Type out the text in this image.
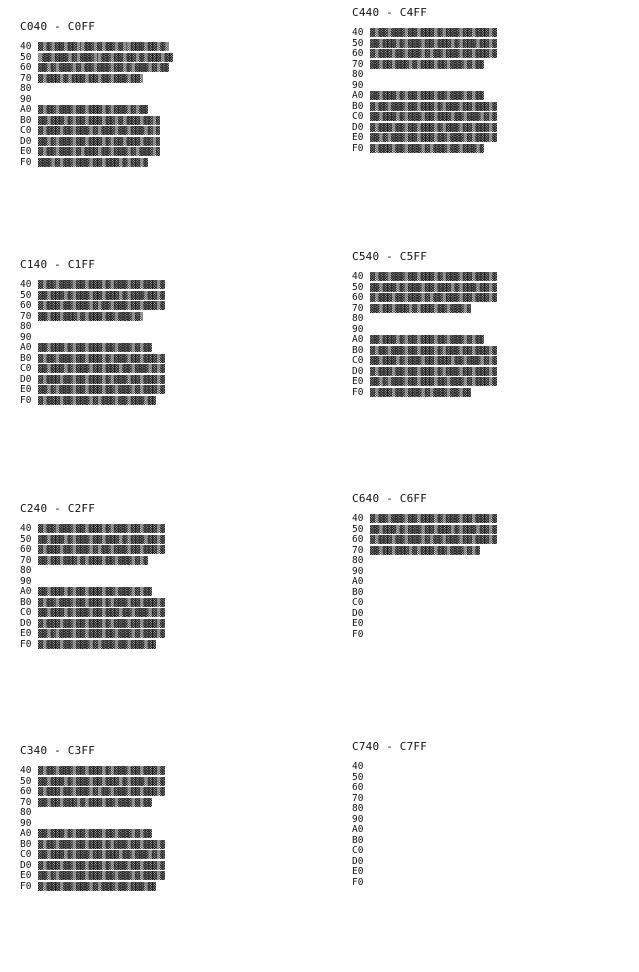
C040 - C0FF
40 ▓▒▓▒▓▓▒▓▓▒▒▓▓▒▓▒▓▓▒▓▒▒▓▓▓▒▓▓▒▓▒
50 ▒▓▓▒▓▓▓▒▓▒▓▓▓▒▒▓▓▒▓▓▒▓▓▒▓▒▓▓▓▒▓▓
60 ▓▓▒▓▒▓▓▓▒▓▒▓▓▒▓▓▓▒▓▓▒▓▒▓▓▓▒▓▒▓▓
70 ▓▒▓▓▓▒▓▒▓▓▓▒▓▓▒▓▓▒▓▓▓▒▓▓▒
80
90
A0 ▓▒▓▓▒▓▓▓▒▓▓▒▓▓▓▒▓▒▓▓▓▒▓▒▓▓
B0 ▓▓▒▓▓▓▒▓▒▓▓▒▓▓▓▒▓▓▒▓▒▓▓▓▒▓▓▒▓
C0 ▓▒▓▓▓▒▓▓▒▓▓▓▒▓▒▓▓▓▒▓▓▒▓▓▓▒▓▒▓
D0 ▓▓▒▓▒▓▓▓▒▓▓▒▓▓▓▒▓▒▓▓▒▓▓▓▒▓▓▒▓
E0 ▓▒▓▓▒▓▓▓▒▓▒▓▓▓▒▓▓▒▓▓▓▒▓▒▓▓▓▒▓
F0 ▓▓▓▒▓▒▓▓▒▓▓▓▒▓▓▒▓▓▓▒▓▒▓▓▒▓
C140 - C1FF
40 ▓▒▓▓▒▓▓▓▒▓▓▒▓▓▓▒▓▒▓▓▓▒▓▓▒▓▓▓▒▓
50 ▓▓▒▓▓▓▒▓▒▓▓▓▒▓▓▒▓▓▓▒▓▒▓▓▓▒▓▓▒▓
60 ▓▒▓▓▓▒▓▓▒▓▓▓▒▓▒▓▓▒▓▓▓▒▓▓▒▓▓▓▒▓
70 ▓▓▒▓▓▒▓▓▓▒▓▒▓▓▓▒▓▓▒▓▓▓▒▓▒
80
90
A0 ▓▓▒▓▓▓▒▓▒▓▓▒▓▓▓▒▓▓▒▓▓▓▒▓▒▓▓
B0 ▓▒▓▓▒▓▓▓▒▓▓▒▓▓▓▒▓▒▓▓▓▒▓▓▒▓▓▓▒▓
C0 ▓▓▒▓▓▓▒▓▒▓▓▓▒▓▓▒▓▓▓▒▓▓▒▓▓▓▒▓▒▓
D0 ▓▒▓▓▓▒▓▓▒▓▓▒▓▓▓▒▓▒▓▓▓▒▓▓▒▓▓▓▒▓
E0 ▓▓▒▓▒▓▓▓▒▓▓▒▓▓▓▒▓▓▒▓▓▓▒▓▒▓▓▓▒▓
F0 ▓▒▓▓▓▒▓▓▒▓▓▓▒▓▒▓▓▓▒▓▓▒▓▓▓▒▓▓
C240 - C2FF
40 ▓▒▓▓▒▓▓▓▒▓▓▒▓▓▓▒▓▒▓▓▓▒▓▓▒▓▓▓▒▓
50 ▓▓▒▓▓▓▒▓▒▓▓▓▒▓▓▒▓▓▓▒▓▒▓▓▓▒▓▓▒▓
60 ▓▒▓▓▓▒▓▓▒▓▓▓▒▓▒▓▓▒▓▓▓▒▓▓▒▓▓▓▒▓
70 ▓▓▒▓▓▒▓▓▓▒▓▒▓▓▓▒▓▓▒▓▓▓▒▓▒▓
80
90
A0 ▓▓▒▓▓▓▒▓▒▓▓▒▓▓▓▒▓▓▒▓▓▓▒▓▒▓▓
B0 ▓▒▓▓▒▓▓▓▒▓▓▒▓▓▓▒▓▒▓▓▓▒▓▓▒▓▓▓▒▓
C0 ▓▓▒▓▓▓▒▓▒▓▓▓▒▓▓▒▓▓▓▒▓▓▒▓▓▓▒▓▒▓
D0 ▓▒▓▓▓▒▓▓▒▓▓▒▓▓▓▒▓▒▓▓▓▒▓▓▒▓▓▓▒▓
E0 ▓▓▒▓▒▓▓▓▒▓▓▒▓▓▓▒▓▓▒▓▓▓▒▓▒▓▓▓▒▓
F0 ▓▒▓▓▓▒▓▓▒▓▓▓▒▓▒▓▓▓▒▓▓▒▓▓▓▒▓▓
C340 - C3FF
40 ▓▒▓▓▒▓▓▓▒▓▓▒▓▓▓▒▓▒▓▓▓▒▓▓▒▓▓▓▒▓
50 ▓▓▒▓▓▓▒▓▒▓▓▓▒▓▓▒▓▓▓▒▓▒▓▓▓▒▓▓▒▓
60 ▓▒▓▓▓▒▓▓▒▓▓▓▒▓▒▓▓▒▓▓▓▒▓▓▒▓▓▓▒▓
70 ▓▓▒▓▓▒▓▓▓▒▓▒▓▓▓▒▓▓▒▓▓▓▒▓▒▓▓
80
90
A0 ▓▓▒▓▓▓▒▓▒▓▓▒▓▓▓▒▓▓▒▓▓▓▒▓▒▓▓
B0 ▓▒▓▓▒▓▓▓▒▓▓▒▓▓▓▒▓▒▓▓▓▒▓▓▒▓▓▓▒▓
C0 ▓▓▒▓▓▓▒▓▒▓▓▓▒▓▓▒▓▓▓▒▓▓▒▓▓▓▒▓▒▓
D0 ▓▒▓▓▓▒▓▓▒▓▓▒▓▓▓▒▓▒▓▓▓▒▓▓▒▓▓▓▒▓
E0 ▓▓▒▓▒▓▓▓▒▓▓▒▓▓▓▒▓▓▒▓▓▓▒▓▒▓▓▓▒▓
F0 ▓▒▓▓▓▒▓▓▒▓▓▓▒▓▒▓▓▓▒▓▓▒▓▓▓▒▓▓
C440 - C4FF
40 ▓▒▓▓▒▓▓▓▒▓▓▒▓▓▓▒▓▒▓▓▓▒▓▓▒▓▓▓▒▓
50 ▓▓▒▓▓▓▒▓▒▓▓▓▒▓▓▒▓▓▓▒▓▒▓▓▓▒▓▓▒▓
60 ▓▒▓▓▓▒▓▓▒▓▓▓▒▓▒▓▓▒▓▓▓▒▓▓▒▓▓▓▒▓
70 ▓▓▒▓▓▒▓▓▓▒▓▒▓▓▓▒▓▓▒▓▓▓▒▓▒▓▓
80
90
A0 ▓▓▒▓▓▓▒▓▒▓▓▒▓▓▓▒▓▓▒▓▓▓▒▓▒▓▓
B0 ▓▒▓▓▒▓▓▓▒▓▓▒▓▓▓▒▓▒▓▓▓▒▓▓▒▓▓▓▒▓
C0 ▓▓▒▓▓▓▒▓▒▓▓▓▒▓▓▒▓▓▓▒▓▓▒▓▓▓▒▓▒▓
D0 ▓▒▓▓▓▒▓▓▒▓▓▒▓▓▓▒▓▒▓▓▓▒▓▓▒▓▓▓▒▓
E0 ▓▓▒▓▒▓▓▓▒▓▓▒▓▓▓▒▓▓▒▓▓▓▒▓▒▓▓▓▒▓
F0 ▓▒▓▓▓▒▓▓▒▓▓▓▒▓▒▓▓▓▒▓▓▒▓▓▓▒▓
C540 - C5FF
40 ▓▒▓▓▒▓▓▓▒▓▓▒▓▓▓▒▓▒▓▓▓▒▓▓▒▓▓▓▒▓
50 ▓▓▒▓▓▓▒▓▒▓▓▓▒▓▓▒▓▓▓▒▓▒▓▓▓▒▓▓▒▓
60 ▓▒▓▓▓▒▓▓▒▓▓▓▒▓▒▓▓▒▓▓▓▒▓▓▒▓▓▓▒▓
70 ▓▓▒▓▓▒▓▓▓▒▓▒▓▓▓▒▓▓▒▓▓▓▒▓
80
90
A0 ▓▓▒▓▓▓▒▓▒▓▓▒▓▓▓▒▓▓▒▓▓▓▒▓▒▓▓
B0 ▓▒▓▓▒▓▓▓▒▓▓▒▓▓▓▒▓▒▓▓▓▒▓▓▒▓▓▓▒▓
C0 ▓▓▒▓▓▓▒▓▒▓▓▓▒▓▓▒▓▓▓▒▓▓▒▓▓▓▒▓▒▓
D0 ▓▒▓▓▓▒▓▓▒▓▓▒▓▓▓▒▓▒▓▓▓▒▓▓▒▓▓▓▒▓
E0 ▓▓▒▓▒▓▓▓▒▓▓▒▓▓▓▒▓▓▒▓▓▓▒▓▒▓▓▓▒▓
F0 ▓▒▓▓▓▒▓▓▒▓▓▓▒▓▒▓▓▓▒▓▓▒▓▓
C640 - C6FF
40 ▓▒▓▓▒▓▓▓▒▓▓▒▓▓▓▒▓▒▓▓▓▒▓▓▒▓▓▓▒▓
50 ▓▓▒▓▓▓▒▓▒▓▓▓▒▓▓▒▓▓▓▒▓▒▓▓▓▒▓▓▒▓
60 ▓▒▓▓▓▒▓▓▒▓▓▓▒▓▒▓▓▒▓▓▓▒▓▓▒▓▓▓▒▓
70 ▓▓▒▓▓▒▓▓▓▒▓▒▓▓▓▒▓▓▒▓▓▓▒▓▒▓
80
90
A0
B0
C0
D0
E0
F0
C740 - C7FF
40
50
60
70
80
90
A0
B0
C0
D0
E0
F0
